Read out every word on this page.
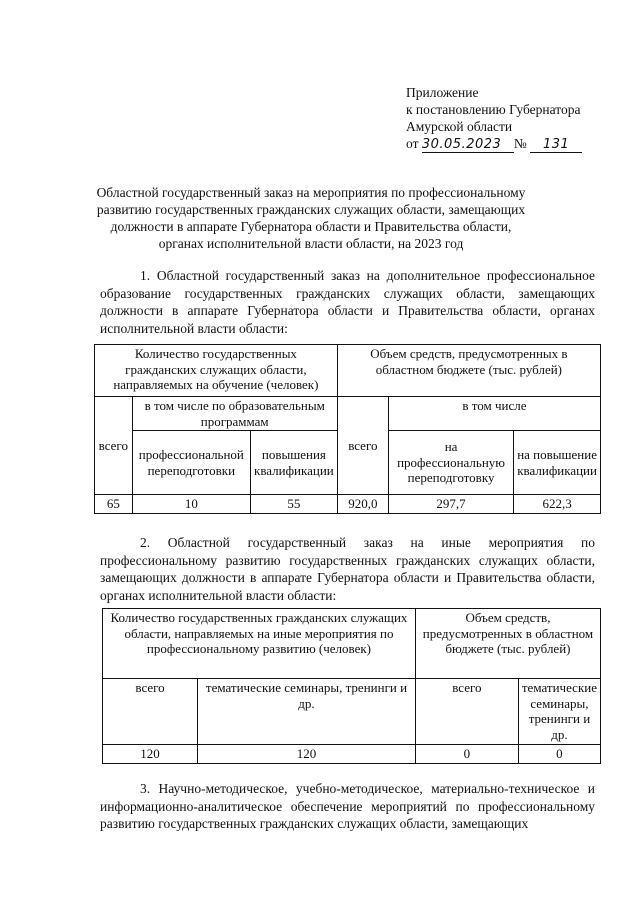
Приложение
к постановлению Губернатора
Амурской области
от 30.05.2023 № 131
Областной государственный заказ на мероприятия по профессиональному развитию государственных гражданских служащих области, замещающих должности в аппарате Губернатора области и Правительства области, органах исполнительной власти области, на 2023 год
1. Областной государственный заказ на дополнительное профессиональное образование государственных гражданских служащих области, замещающих должности в аппарате Губернатора области и Правительства области, органах исполнительной власти области:
Количество государственных гражданских служащих области, направляемых на обучение (человек)			Объем средств, предусмотренных в областном бюджете (тыс. рублей)		
всего	в том числе по образовательным программам		всего	в том числе	
	профессиональной переподготовки	повышения квалификации		на профессиональную переподготовку	на повышение квалификации
65	10	55	920,0	297,7	622,3
2. Областной государственный заказ на иные мероприятия по профессиональному развитию государственных гражданских служащих области, замещающих должности в аппарате Губернатора области и Правительства области, органах исполнительной власти области:
Количество государственных гражданских служащих области, направляемых на иные мероприятия по профессиональному развитию (человек)		Объем средств, предусмотренных в областном бюджете (тыс. рублей)	
всего	тематические семинары, тренинги и др.	всего	тематические семинары, тренинги и др.
120	120	0	0
3. Научно-методическое, учебно-методическое, материально-техническое и информационно-аналитическое обеспечение мероприятий по профессиональному развитию государственных гражданских служащих области, замещающих
